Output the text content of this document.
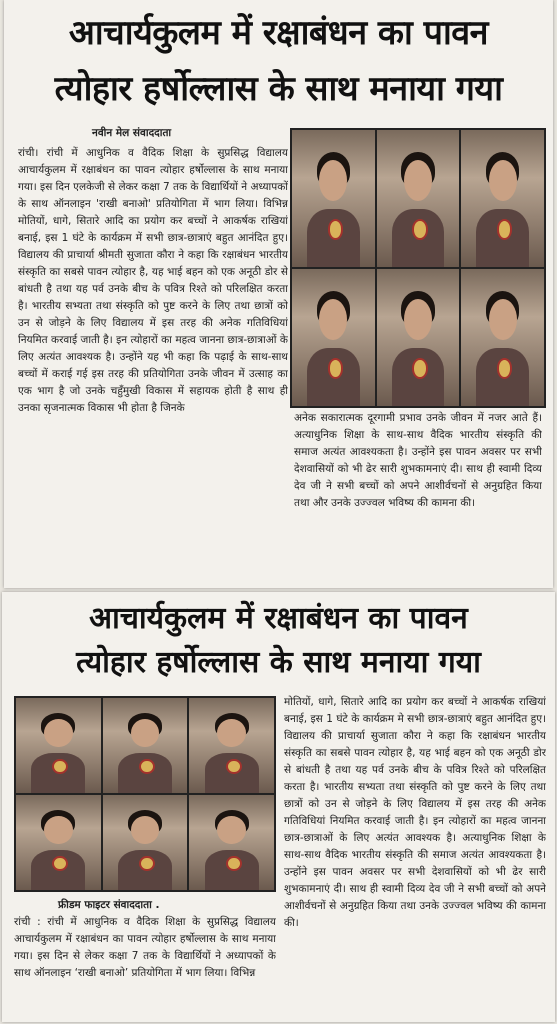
आचार्यकुलम में रक्षाबंधन का पावन
त्योहार हर्षोल्लास के साथ मनाया गया
नवीन मेल संवाददाता

रांची। रांची में आधुनिक व वैदिक शिक्षा के सुप्रसिद्ध विद्यालय आचार्यकुलम में रक्षाबंधन का पावन त्योहार हर्षोल्लास के साथ मनाया गया। इस दिन एलकेजी से लेकर कक्षा 7 तक के विद्यार्थियों ने अध्यापकों के साथ ऑनलाइन 'राखी बनाओ' प्रतियोगिता में भाग लिया। विभिन्न मोतियों, धागे, सितारे आदि का प्रयोग कर बच्चों ने आकर्षक राखियां बनाई, इस 1 घंटे के कार्यक्रम में सभी छात्र-छात्राएं बहुत आनंदित हुए। विद्यालय की प्राचार्या श्रीमती सुजाता कौरा ने कहा कि रक्षाबंधन भारतीय संस्कृति का सबसे पावन त्योहार है, यह भाई बहन को एक अनूठी डोर से बांधती है तथा यह पर्व उनके बीच के पवित्र रिश्ते को परिलक्षित करता है। भारतीय सभ्यता तथा संस्कृति को पुष्ट करने के लिए तथा छात्रों को उन से जोड़ने के लिए विद्यालय में इस तरह की अनेक गतिविधियां नियमित करवाई जाती है। इन त्योहारों का महत्व जानना छात्र-छात्राओं के लिए अत्यंत आवश्यक है। उन्होंने यह भी कहा कि पढ़ाई के साथ-साथ बच्चों में कराई गई इस तरह की प्रतियोगिता उनके जीवन में उत्साह का एक भाग है जो उनके चहुँमुखी विकास में सहायक होती है साथ ही उनका सृजनात्मक विकास भी होता है जिनके

अनेक सकारात्मक दूरगामी प्रभाव उनके जीवन में नजर आते हैं। अत्याधुनिक शिक्षा के साथ-साथ वैदिक भारतीय संस्कृति की समाज अत्यंत आवश्यकता है। उन्होंने इस पावन अवसर पर सभी देशवासियों को भी ढेर सारी शुभकामनाएं दी। साथ ही स्वामी दिव्य देव जी ने सभी बच्चों को अपने आशीर्वचनों से अनुग्रहित किया तथा और उनके उज्ज्वल भविष्य की कामना की।

आचार्यकुलम में रक्षाबंधन का पावन
त्योहार हर्षोल्लास के साथ मनाया गया
फ्रीडम फाइटर संवाददाता .

रांची : रांची में आधुनिक व वैदिक शिक्षा के सुप्रसिद्ध विद्यालय आचार्यकुलम में रक्षाबंधन का पावन त्योहार हर्षोल्लास के साथ मनाया गया। इस दिन से लेकर कक्षा 7 तक के विद्यार्थियों ने अध्यापकों के साथ ऑनलाइन ‘राखी बनाओ’ प्रतियोगिता में भाग लिया। विभिन्न

मोतियों, धागे, सितारे आदि का प्रयोग कर बच्चों ने आकर्षक राखियां बनाई, इस 1 घंटे के कार्यक्रम मे सभी छात्र-छात्राएं बहुत आनंदित हुए। विद्यालय की प्राचार्या सुजाता कौरा ने कहा कि रक्षाबंधन भारतीय संस्कृति का सबसे पावन त्योहार है, यह भाई बहन को एक अनूठी डोर से बांधती है तथा यह पर्व उनके बीच के पवित्र रिश्ते को परिलक्षित करता है। भारतीय सभ्यता तथा संस्कृति को पुष्ट करने के लिए तथा छात्रों को उन से जोड़ने के लिए विद्यालय में इस तरह की अनेक गतिविधियां नियमित करवाई जाती है। इन त्योहारों का महत्व जानना छात्र-छात्राओं के लिए अत्यंत आवश्यक है। अत्याधुनिक शिक्षा के साथ-साथ वैदिक भारतीय संस्कृति की समाज अत्यंत आवश्यकता है। उन्होंने इस पावन अवसर पर सभी देशवासियों को भी ढेर सारी शुभकामनाएं दी। साथ ही स्वामी दिव्य देव जी ने सभी बच्चों को अपने आशीर्वचनों से अनुग्रहित किया तथा उनके उज्ज्वल भविष्य की कामना की।
